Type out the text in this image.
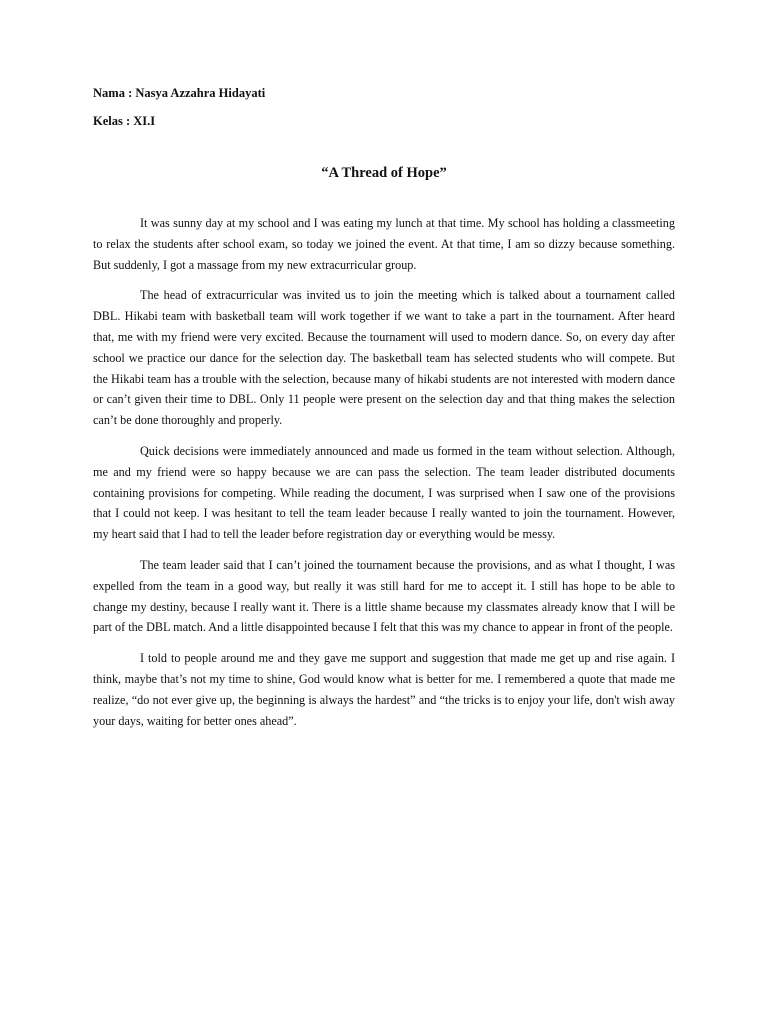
Nama : Nasya Azzahra Hidayati

Kelas : XI.I

“A Thread of Hope”

It was sunny day at my school and I was eating my lunch at that time. My school has holding a classmeeting to relax the students after school exam, so today we joined the event. At that time, I am so dizzy because something. But suddenly, I got a massage from my new extracurricular group.

The head of extracurricular was invited us to join the meeting which is talked about a tournament called DBL. Hikabi team with basketball team will work together if we want to take a part in the tournament. After heard that, me with my friend were very excited. Because the tournament will used to modern dance. So, on every day after school we practice our dance for the selection day. The basketball team has selected students who will compete. But the Hikabi team has a trouble with the selection, because many of hikabi students are not interested with modern dance or can’t given their time to DBL. Only 11 people were present on the selection day and that thing makes the selection can’t be done thoroughly and properly.

Quick decisions were immediately announced and made us formed in the team without selection. Although, me and my friend were so happy because we are can pass the selection. The team leader distributed documents containing provisions for competing. While reading the document, I was surprised when I saw one of the provisions that I could not keep. I was hesitant to tell the team leader because I really wanted to join the tournament. However, my heart said that I had to tell the leader before registration day or everything would be messy.

The team leader said that I can’t joined the tournament because the provisions, and as what I thought, I was expelled from the team in a good way, but really it was still hard for me to accept it. I still has hope to be able to change my destiny, because I really want it. There is a little shame because my classmates already know that I will be part of the DBL match. And a little disappointed because I felt that this was my chance to appear in front of the people.

I told to people around me and they gave me support and suggestion that made me get up and rise again. I think, maybe that’s not my time to shine, God would know what is better for me. I remembered a quote that made me realize, “do not ever give up, the beginning is always the hardest” and “the tricks is to enjoy your life, don't wish away your days, waiting for better ones ahead”.
